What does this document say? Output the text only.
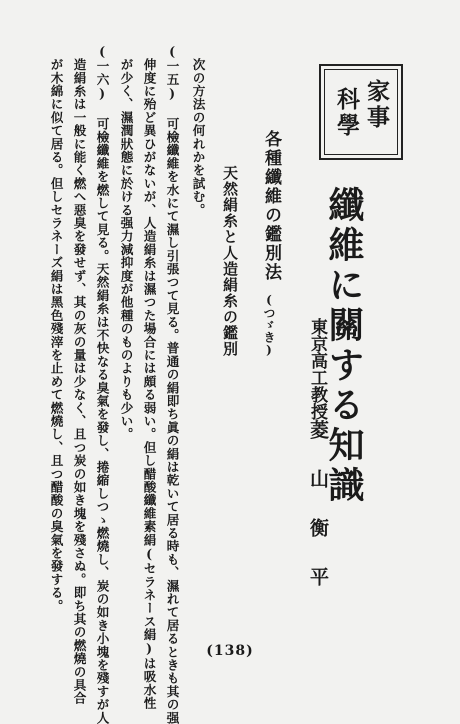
家事
科學
纖維に關する知識
東京高工教授
菱山衡平
各種纖維の鑑別法
(つゞき)
天然絹糸と人造絹糸の鑑別
次の方法の何れかを試む。
(一五) 可檢纖維を水にて濕し引張つて見る。普通の絹即ち眞の絹は乾いて居る時も、濕れて居るときも其の强
伸度に殆ど異ひがないが、人造絹糸は濕つた場合には頗る弱い。但し醋酸纖維素絹(セラネース絹)は吸水性
が少く、濕潤狀態に於ける强力減抑度が他種のものよりも少い。
(一六) 可檢纖維を燃して見る。天然絹糸は不快なる臭氣を發し、捲縮しつゝ燃燒し、炭の如き小塊を殘すが人
造絹糸は一般に能く燃へ惡臭を發せず、其の灰の量は少なく、且つ炭の如き塊を殘さぬ。即ち其の燃燒の具合
が木綿に似て居る。但しセラネーズ絹は黑色殘滓を止めて燃燒し、且つ醋酸の臭氣を發する。
(138)
